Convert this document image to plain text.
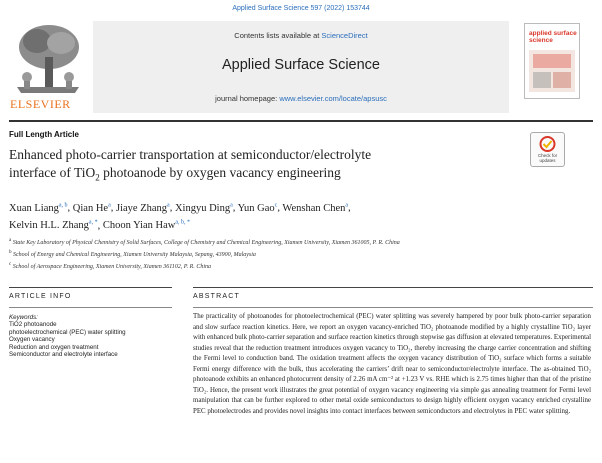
Applied Surface Science 597 (2022) 153744
ELSEVIER
Contents lists available at ScienceDirect
Applied Surface Science
journal homepage: www.elsevier.com/locate/apsusc
applied surface science
Full Length Article
Enhanced photo-carrier transportation at semiconductor/electrolyte
interface of TiO$_2$ photoanode by oxygen vacancy engineering
Check for updates
Xuan Liang$^{a, b}$, Qian He$^a$, Jiaye Zhang$^a$, Xingyu Ding$^a$, Yun Gao$^c$, Wenshan Chen$^a$,
Kelvin H.L. Zhang$^{a, *}$, Choon Yian Haw$^{a, b, *}$
$^a$ State Key Laboratory of Physical Chemistry of Solid Surfaces, College of Chemistry and Chemical Engineering, Xiamen University, Xiamen 361005, P. R. China
$^b$ School of Energy and Chemical Engineering, Xiamen University Malaysia, Sepang, 43900, Malaysia
$^c$ School of Aerospace Engineering, Xiamen University, Xiamen 361102, P. R. China
ARTICLE INFO	ABSTRACT
Keywords:
TiO2 photoanode
photoelectrochemical (PEC) water splitting
Oxygen vacancy
Reduction and oxygen treatment
Semiconductor and electrolyte interface
The practicality of photoanodes for photoelectrochemical (PEC) water splitting was severely hampered by poor bulk photo-carrier separation and slow surface reaction kinetics. Here, we report an oxygen vacancy-enriched TiO₂ photoanode modified by a highly crystalline TiO₂ layer with enhanced bulk photo-carrier separation and surface reaction kinetics through stepwise gas diffusion at elevated temperatures. Experimental studies reveal that the reduction treatment introduces oxygen vacancy to TiO₂, thereby increasing the charge carrier concentration and shifting the Fermi level to conduction band. The oxidation treatment affects the oxygen vacancy distribution of TiO₂ surface which forms a suitable Fermi energy difference with the bulk, thus accelerating the carriers’ drift near to semiconductor/electrolyte interface. The as-obtained TiO₂ photoanode exhibits an enhanced photocurrent density of 2.26 mA cm⁻² at +1.23 V vs. RHE which is 2.75 times higher than that of the pristine TiO₂. Hence, the present work illustrates the great potential of oxygen vacancy engineering via simple gas annealing treatment for Fermi level manipulation that can be further explored to other metal oxide semiconductors to design highly efficient oxygen vacancy enriched crystalline PEC photoelectrodes and provides novel insights into contact interfaces between semiconductors and electrolytes in PEC water splitting.
